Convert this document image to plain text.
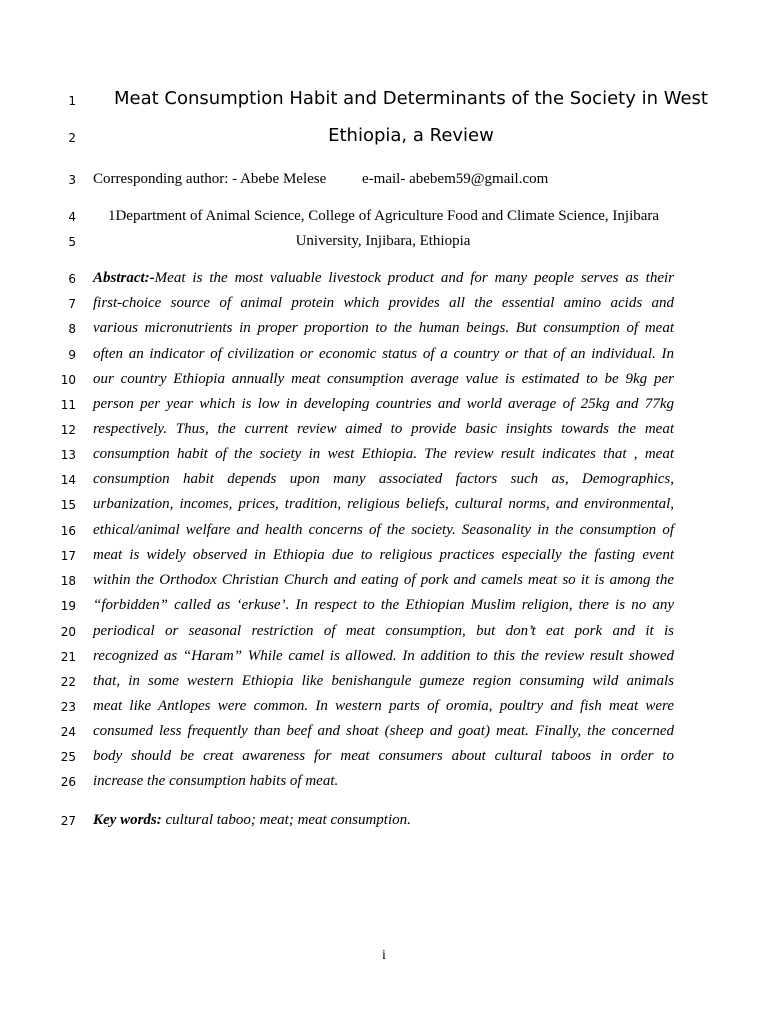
1	Meat Consumption Habit and Determinants of the Society in West
2	Ethiopia, a Review
3 Corresponding author: - Abebe Melese e-mail- abebem59@gmail.com
4	1Department of Animal Science, College of Agriculture Food and Climate Science, Injibara
5	University, Injibara, Ethiopia
6 Abstract:-Meat is the most valuable livestock product and for many people serves as their
7 first-choice source of animal protein which provides all the essential amino acids and
8 various micronutrients in proper proportion to the human beings. But consumption of meat
9 often an indicator of civilization or economic status of a country or that of an individual. In
10 our country Ethiopia annually meat consumption average value is estimated to be 9kg per
11 person per year which is low in developing countries and world average of 25kg and 77kg
12 respectively. Thus, the current review aimed to provide basic insights towards the meat
13 consumption habit of the society in west Ethiopia. The review result indicates that , meat
14 consumption habit depends upon many associated factors such as, Demographics,
15 urbanization, incomes, prices, tradition, religious beliefs, cultural norms, and environmental,
16 ethical/animal welfare and health concerns of the society. Seasonality in the consumption of
17 meat is widely observed in Ethiopia due to religious practices especially the fasting event
18 within the Orthodox Christian Church and eating of pork and camels meat so it is among the
19 “forbidden” called as ‘erkuse’. In respect to the Ethiopian Muslim religion, there is no any
20 periodical or seasonal restriction of meat consumption, but don’t eat pork and it is
21 recognized as “Haram” While camel is allowed. In addition to this the review result showed
22 that, in some western Ethiopia like benishangule gumeze region consuming wild animals
23 meat like Antlopes were common. In western parts of oromia, poultry and fish meat were
24 consumed less frequently than beef and shoat (sheep and goat) meat. Finally, the concerned
25 body should be creat awareness for meat consumers about cultural taboos in order to
26 increase the consumption habits of meat.
27 Key words: cultural taboo; meat; meat consumption.
i
